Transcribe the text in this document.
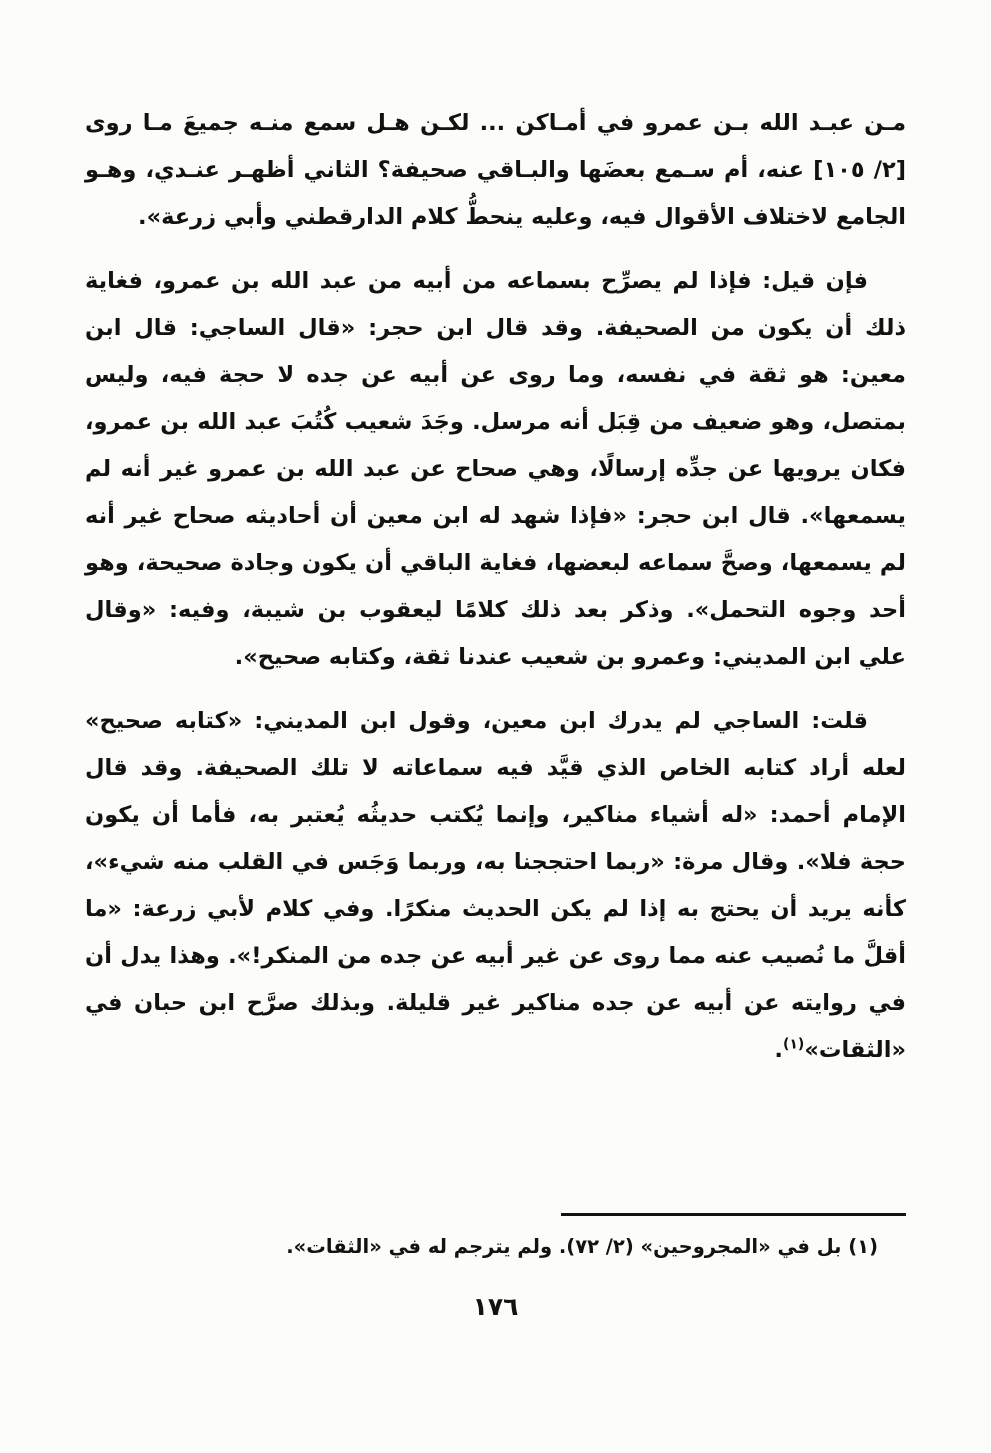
مـن عبـد الله بـن عمرو في أمـاكن ... لكـن هـل سمع منـه جميعَ مـا روى [٢/ ١٠٥] عنه، أم سـمع بعضَها والبـاقي صحيفة؟ الثاني أظهـر عنـدي، وهـو الجامع لاختلاف الأقوال فيه، وعليه ينحطُّ كلام الدارقطني وأبي زرعة».

فإن قيل: فإذا لم يصرِّح بسماعه من أبيه من عبد الله بن عمرو، فغاية ذلك أن يكون من الصحيفة. وقد قال ابن حجر: «قال الساجي: قال ابن معين: هو ثقة في نفسه، وما روى عن أبيه عن جده لا حجة فيه، وليس بمتصل، وهو ضعيف من قِبَل أنه مرسل. وجَدَ شعيب كُتُبَ عبد الله بن عمرو، فكان يرويها عن جدِّه إرسالًا، وهي صحاح عن عبد الله بن عمرو غير أنه لم يسمعها». قال ابن حجر: «فإذا شهد له ابن معين أن أحاديثه صحاح غير أنه لم يسمعها، وصحَّ سماعه لبعضها، فغاية الباقي أن يكون وجادة صحيحة، وهو أحد وجوه التحمل». وذكر بعد ذلك كلامًا ليعقوب بن شيبة، وفيه: «وقال علي ابن المديني: وعمرو بن شعيب عندنا ثقة، وكتابه صحيح».

قلت: الساجي لم يدرك ابن معين، وقول ابن المديني: «كتابه صحيح» لعله أراد كتابه الخاص الذي قيَّد فيه سماعاته لا تلك الصحيفة. وقد قال الإمام أحمد: «له أشياء مناكير، وإنما يُكتب حديثُه يُعتبر به، فأما أن يكون حجة فلا». وقال مرة: «ربما احتججنا به، وربما وَجَس في القلب منه شيء»، كأنه يريد أن يحتج به إذا لم يكن الحديث منكرًا. وفي كلام لأبي زرعة: «ما أقلَّ ما نُصيب عنه مما روى عن غير أبيه عن جده من المنكر!». وهذا يدل أن في روايته عن أبيه عن جده مناكير غير قليلة. وبذلك صرَّح ابن حبان في «الثقات»$^{(١)}$.

(١) بل في «المجروحين» (٢/ ٧٢). ولم يترجم له في «الثقات».
١٧٦
